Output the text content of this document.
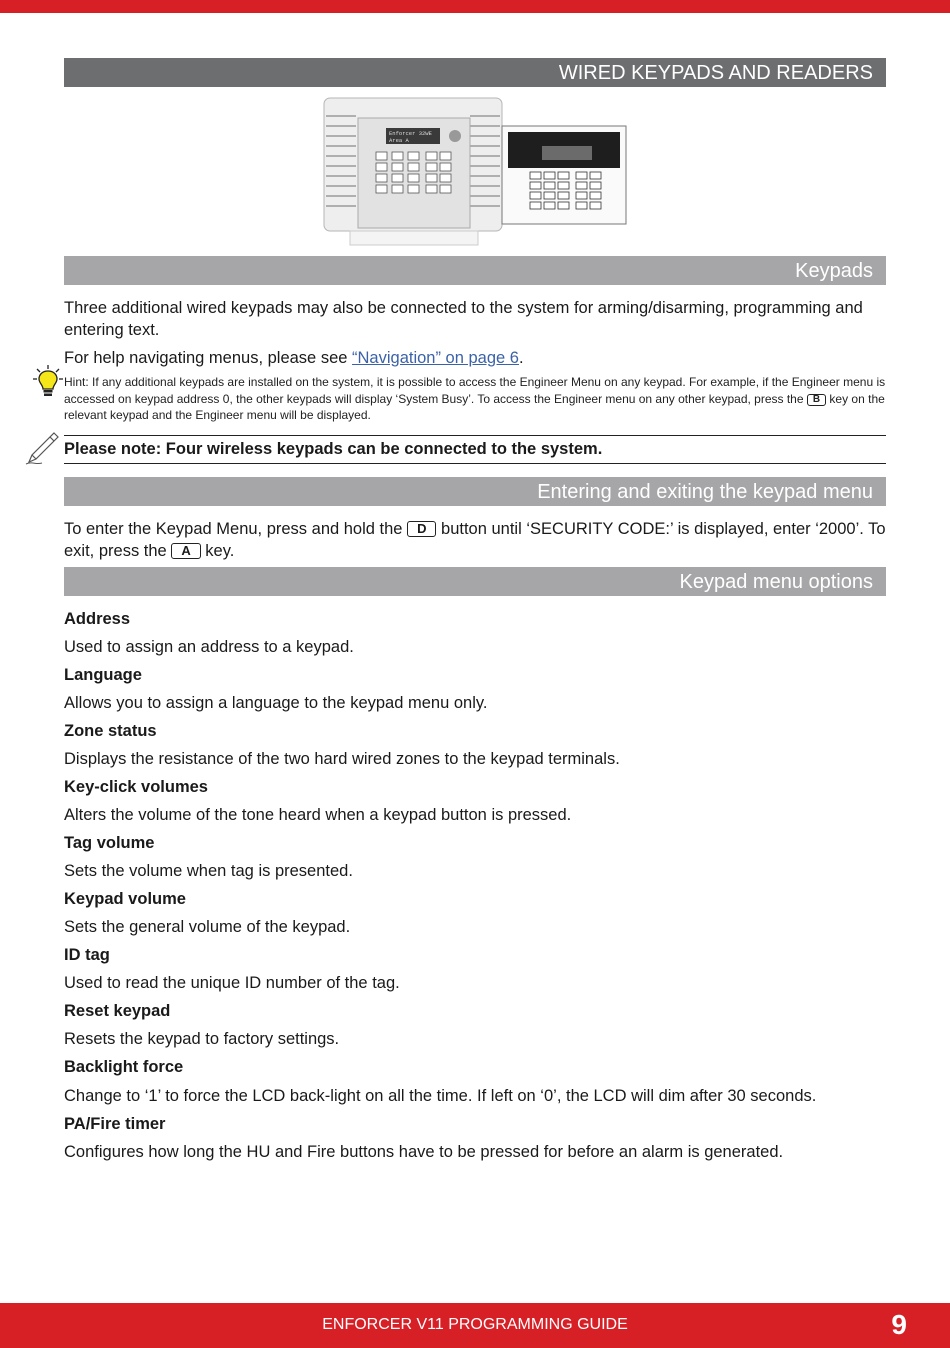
WIRED KEYPADS AND READERS
Enforcer 32WE
Area A
Keypads
Three additional wired keypads may also be connected to the system for arming/disarming, programming and entering text.
For help navigating menus, please see “Navigation” on page 6.
Hint: If any additional keypads are installed on the system, it is possible to access the Engineer Menu on any keypad. For example, if the Engineer menu is accessed on keypad address 0, the other keypads will display ‘System Busy’. To access the Engineer menu on any other keypad, press the B key on the relevant keypad and the Engineer menu will be displayed.
Please note: Four wireless keypads can be connected to the system.
Entering and exiting the keypad menu
To enter the Keypad Menu, press and hold the D button until ‘SECURITY CODE:’ is displayed, enter ‘2000’. To exit, press the A key.
Keypad menu options
Address
Used to assign an address to a keypad.
Language
Allows you to assign a language to the keypad menu only.
Zone status
Displays the resistance of the two hard wired zones to the keypad terminals.
Key-click volumes
Alters the volume of the tone heard when a keypad button is pressed.
Tag volume
Sets the volume when tag is presented.
Keypad volume
Sets the general volume of the keypad.
ID tag
Used to read the unique ID number of the tag.
Reset keypad
Resets the keypad to factory settings.
Backlight force
Change to ‘1’ to force the LCD back-light on all the time. If left on ‘0’, the LCD will dim after 30 seconds.
PA/Fire timer
Configures how long the HU and Fire buttons have to be pressed for before an alarm is generated.
ENFORCER V11 PROGRAMMING GUIDE	9
